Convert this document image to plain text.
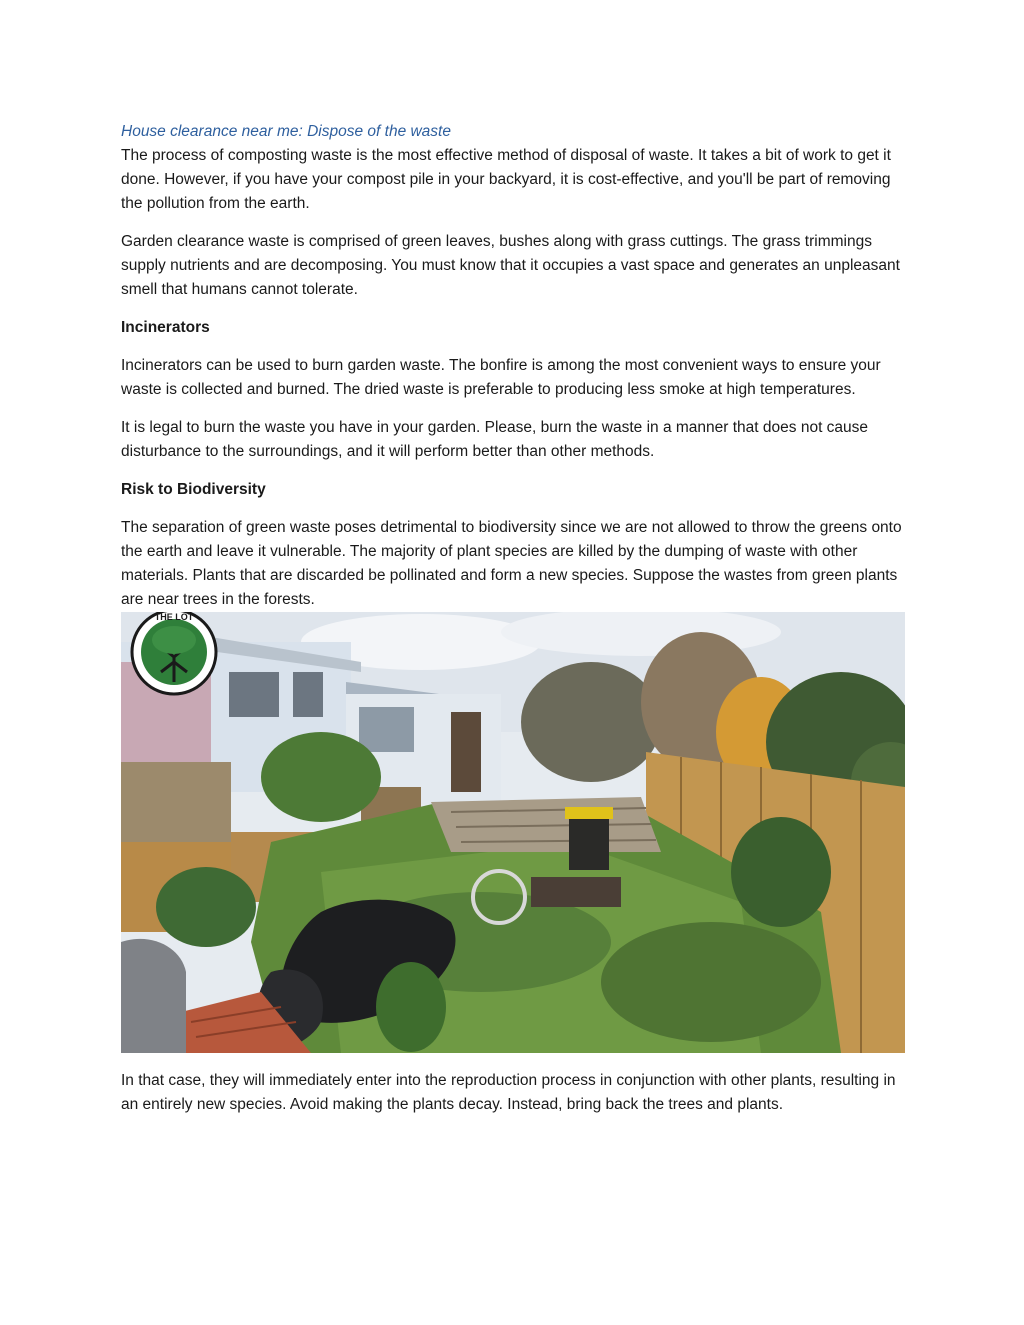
House clearance near me: Dispose of the waste

The process of composting waste is the most effective method of disposal of waste. It takes a bit of work to get it done. However, if you have your compost pile in your backyard, it is cost-effective, and you'll be part of removing the pollution from the earth.

Garden clearance waste is comprised of green leaves, bushes along with grass cuttings. The grass trimmings supply nutrients and are decomposing. You must know that it occupies a vast space and generates an unpleasant smell that humans cannot tolerate.

Incinerators

Incinerators can be used to burn garden waste. The bonfire is among the most convenient ways to ensure your waste is collected and burned. The dried waste is preferable to producing less smoke at high temperatures.

It is legal to burn the waste you have in your garden. Please, burn the waste in a manner that does not cause disturbance to the surroundings, and it will perform better than other methods.

Risk to Biodiversity

The separation of green waste poses detrimental to biodiversity since we are not allowed to throw the greens onto the earth and leave it vulnerable. The majority of plant species are killed by the dumping of waste with other materials. Plants that are discarded be pollinated and form a new species. Suppose the wastes from green plants are near trees in the forests.

THE LOT

In that case, they will immediately enter into the reproduction process in conjunction with other plants, resulting in an entirely new species. Avoid making the plants decay. Instead, bring back the trees and plants.
